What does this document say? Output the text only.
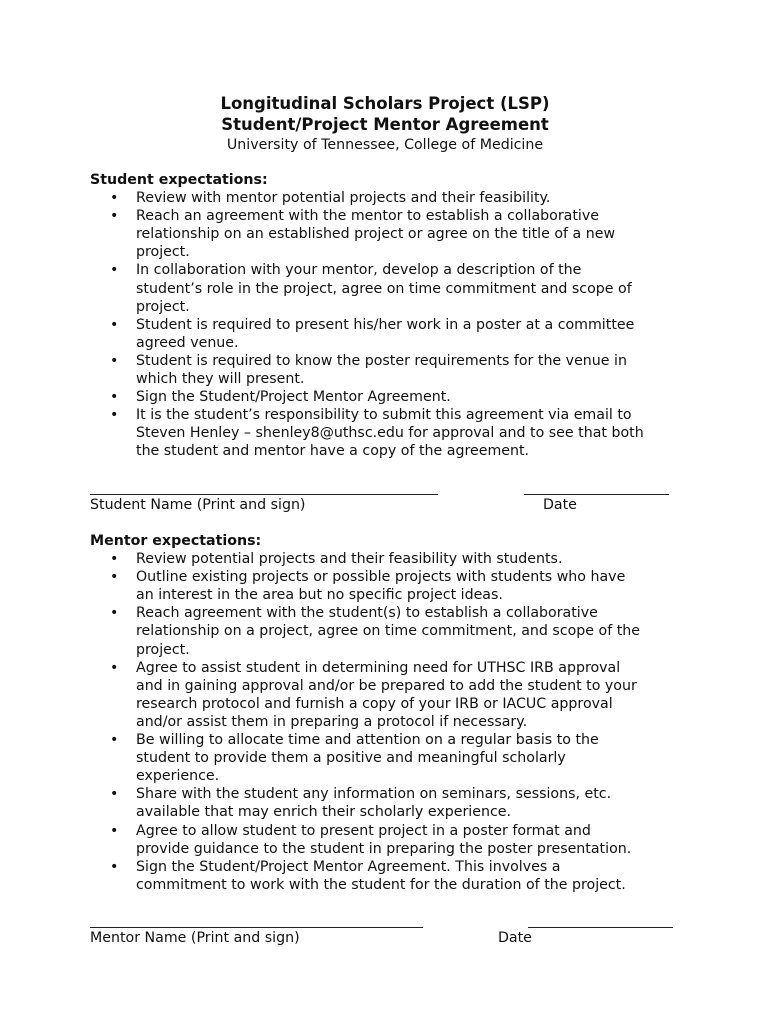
Longitudinal Scholars Project (LSP)

Student/Project Mentor Agreement

University of Tennessee, College of Medicine

Student expectations:

• Review with mentor potential projects and their feasibility.
• Reach an agreement with the mentor to establish a collaborative
relationship on an established project or agree on the title of a new
project.
• In collaboration with your mentor, develop a description of the
student’s role in the project, agree on time commitment and scope of
project.
• Student is required to present his/her work in a poster at a committee
agreed venue.
• Student is required to know the poster requirements for the venue in
which they will present.
• Sign the Student/Project Mentor Agreement.
• It is the student’s responsibility to submit this agreement via email to
Steven Henley – shenley8@uthsc.edu for approval and to see that both
the student and mentor have a copy of the agreement.
Student Name (Print and sign)	Date

Mentor expectations:

• Review potential projects and their feasibility with students.
• Outline existing projects or possible projects with students who have
an interest in the area but no specific project ideas.
• Reach agreement with the student(s) to establish a collaborative
relationship on a project, agree on time commitment, and scope of the
project.
• Agree to assist student in determining need for UTHSC IRB approval
and in gaining approval and/or be prepared to add the student to your
research protocol and furnish a copy of your IRB or IACUC approval
and/or assist them in preparing a protocol if necessary.
• Be willing to allocate time and attention on a regular basis to the
student to provide them a positive and meaningful scholarly
experience.
• Share with the student any information on seminars, sessions, etc.
available that may enrich their scholarly experience.
• Agree to allow student to present project in a poster format and
provide guidance to the student in preparing the poster presentation.
• Sign the Student/Project Mentor Agreement. This involves a
commitment to work with the student for the duration of the project.
Mentor Name (Print and sign)	Date
